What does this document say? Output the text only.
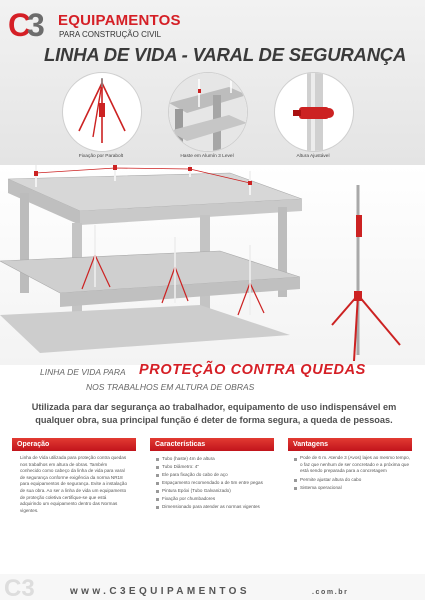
C
3 EQUIPAMENTOS
PARA CONSTRUÇÃO CIVIL
LINHA DE VIDA - VARAL DE SEGURANÇA
Fixação por Parabolt	Haste em Alumín 3 Level	Altura Ajustável
LINHA DE VIDA PARA PROTEÇÃO CONTRA QUEDAS
NOS TRABALHOS EM ALTURA DE OBRAS
Utilizada para dar segurança ao trabalhador, equipamento de uso indispensável em qualquer obra, sua principal função é deter de forma segura, a queda de pessoas.
Operação
Linha de Vida utilizada para proteção contra quedas nos trabalhos em altura de obras. Também conhecido como cabeço da linha de vida para varal de segurança conforme exigência da norma NR18 para equipamentos de segurança. Evite a instalação de sua obra. Ao ser a linha de vida um equipamento de proteção coletiva certifique-se que está adquirindo um equipamento dentro das Normas vigentes.
Características
Tubo (haste) 4m de altura
Tubo Diâmetro: 4"
Ele para fixação do cabo de aço
Espaçamento recomendado a de 5m entre pegas
Pintura Epóxi (Tubo Galvanizado)
Fixação por chumbadores
Dimensionado para atender as normas vigentes
Vantagens
Pode de 6 m. Atende 3 (Avos) lajes ao mesmo tempo, o faz que nenhum de ser concretado e a próxima que está sendo preparada para a concretagem
Permite ajustar altura do cabo
Sistema operacional
C3	www.C3EQUIPAMENTOS	.com.br
